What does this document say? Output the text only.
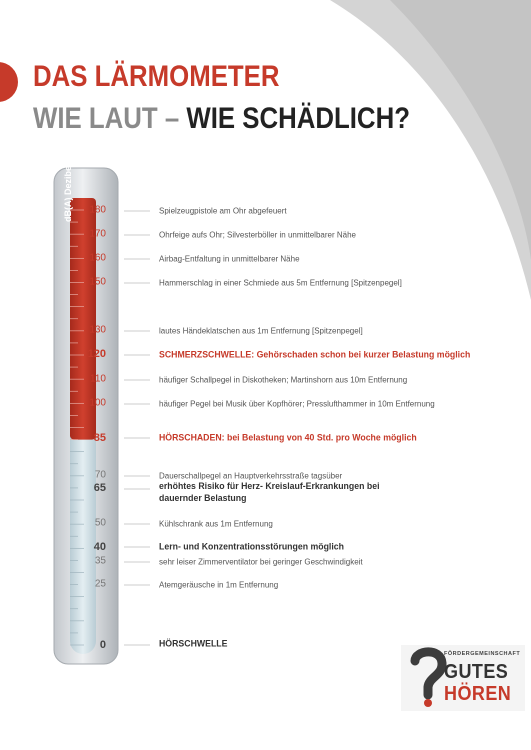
DAS LÄRMOMETER
WIE LAUT – WIE SCHÄDLICH?
dB(A) Dezibel	180	Spielzeugpistole am Ohr abgefeuert
170	Ohrfeige aufs Ohr; Silvesterböller in unmittelbarer Nähe
160	Airbag-Entfaltung in unmittelbarer Nähe
150	Hammerschlag in einer Schmiede aus 5m Entfernung [Spitzenpegel]
130	lautes Händeklatschen aus 1m Entfernung [Spitzenpegel]
120	SCHMERZSCHWELLE: Gehörschaden schon bei kurzer Belastung möglich
110	häufiger Schallpegel in Diskotheken; Martinshorn aus 10m Entfernung
100	häufiger Pegel bei Musik über Kopfhörer; Presslufthammer in 10m Entfernung
85	HÖRSCHADEN: bei Belastung von 40 Std. pro Woche möglich
70	Dauerschallpegel an Hauptverkehrsstraße tagsüber
65	erhöhtes Risiko für Herz- Kreislauf-Erkrankungen bei
dauernder Belastung
50	Kühlschrank aus 1m Entfernung
40	Lern- und Konzentrationsstörungen möglich
35	sehr leiser Zimmerventilator bei geringer Geschwindigkeit
25	Atemgeräusche in 1m Entfernung
0	HÖRSCHWELLE
FÖRDERGEMEINSCHAFT
GUTES
HÖREN
